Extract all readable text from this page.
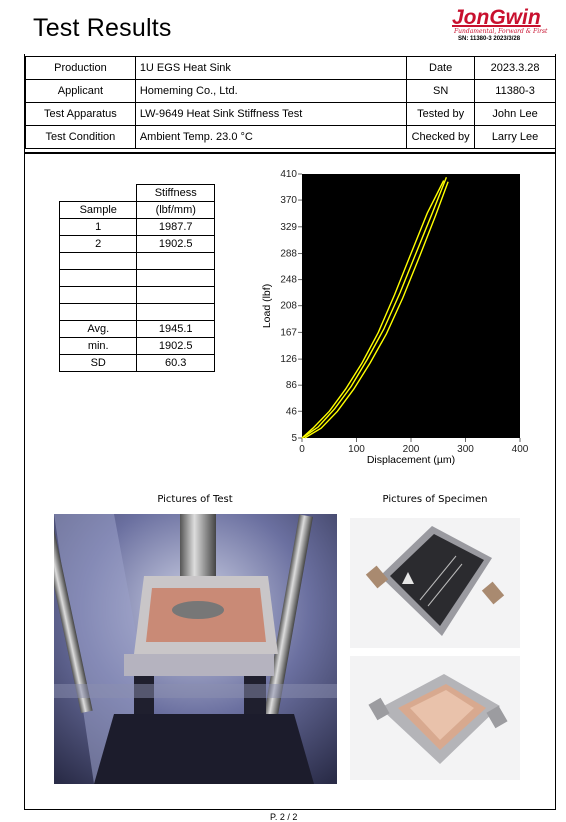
Test Results	JonGwin
Fundamental, Forward & First
SN: 11380-3 2023/3/28
Production	1U EGS Heat Sink	Date	2023.3.28
Applicant	Homeming Co., Ltd.	SN	11380-3
Test Apparatus	LW-9649 Heat Sink Stiffness Test	Tested by	John Lee
Test Condition	Ambient Temp. 23.0 °C	Checked by	Larry Lee
	Stiffness
Sample	(lbf/mm)
1	1987.7
2	1902.5

Avg.	1945.1
min.	1902.5
SD	60.3
5
46
86
126
167
208
248
288
329
370
410
0	100	200	300	400
Displacement (µm)
Load (lbf)
Pictures of Test	Pictures of Specimen
P. 2 / 2
